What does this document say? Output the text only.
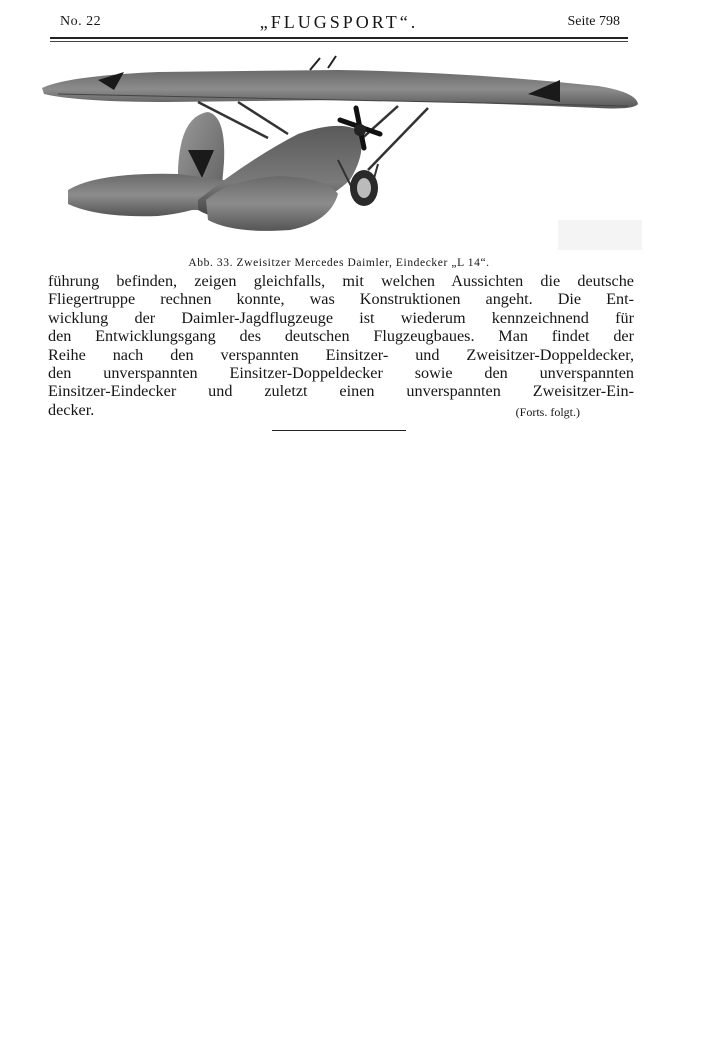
No. 22	„FLUGSPORT“.	Seite 798
Abb. 33. Zweisitzer Mercedes Daimler, Eindecker „L 14“.
führung befinden, zeigen gleichfalls, mit welchen Aussichten die deutsche
Fliegertruppe rechnen konnte, was Konstruktionen angeht. Die Ent-
wicklung der Daimler-Jagdflugzeuge ist wiederum kennzeichnend für
den Entwicklungsgang des deutschen Flugzeugbaues. Man findet der
Reihe nach den verspannten Einsitzer- und Zweisitzer-Doppeldecker,
den unverspannten Einsitzer-Doppeldecker sowie den unverspannten
Einsitzer-Eindecker und zuletzt einen unverspannten Zweisitzer-Ein-
decker.	(Forts. folgt.)
